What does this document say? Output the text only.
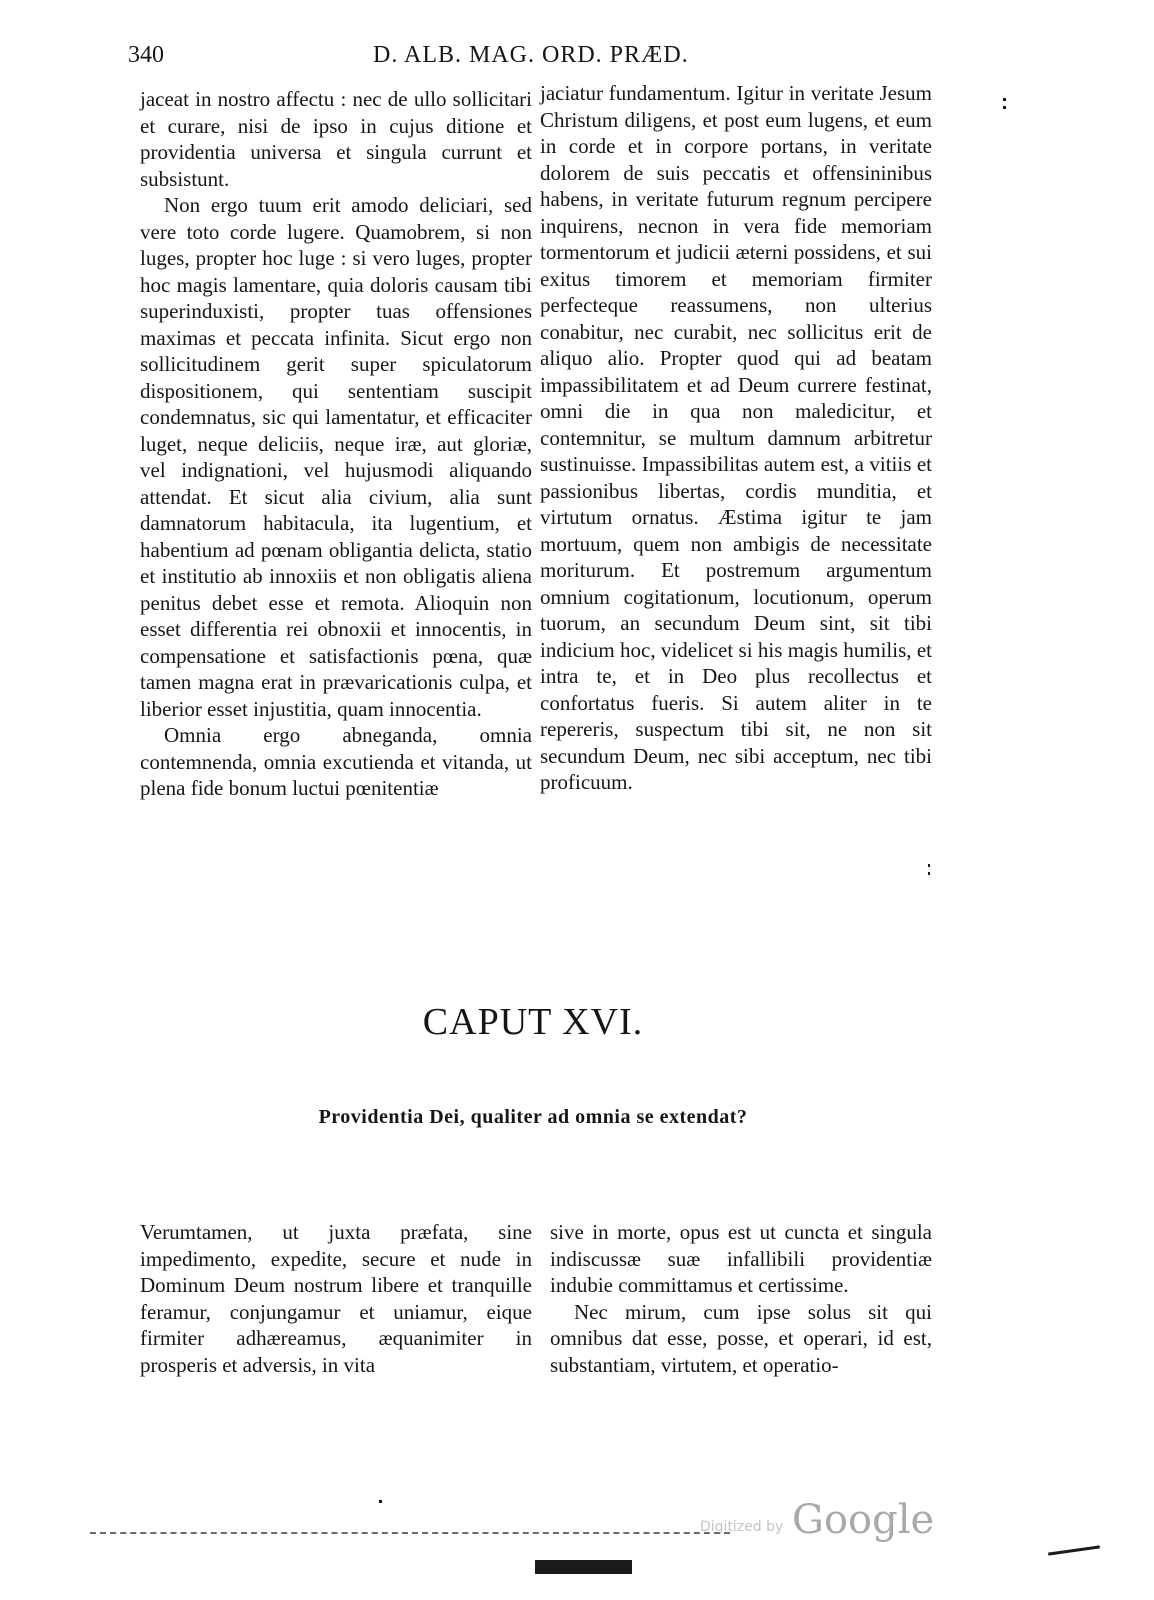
340	D. ALB. MAG. ORD. PRÆD.

jaceat in nostro affectu : nec de ullo sollicitari et curare, nisi de ipso in cujus ditione et providentia universa et singula currunt et subsistunt.

Non ergo tuum erit amodo deliciari, sed vere toto corde lugere. Quamobrem, si non luges, propter hoc luge : si vero luges, propter hoc magis lamentare, quia doloris causam tibi superinduxisti, propter tuas offensiones maximas et peccata infinita. Sicut ergo non sollicitudinem gerit super spiculatorum dispositionem, qui sententiam suscipit condemnatus, sic qui lamentatur, et efficaciter luget, neque deliciis, neque iræ, aut gloriæ, vel indignationi, vel hujusmodi aliquando attendat. Et sicut alia civium, alia sunt damnatorum habitacula, ita lugentium, et habentium ad pœnam obligantia delicta, statio et institutio ab innoxiis et non obligatis aliena penitus debet esse et remota. Alioquin non esset differentia rei obnoxii et innocentis, in compensatione et satisfactionis pœna, quæ tamen magna erat in prævaricationis culpa, et liberior esset injustitia, quam innocentia.

Omnia ergo abneganda, omnia contemnenda, omnia excutienda et vitanda, ut plena fide bonum luctui pœnitentiæ

jaciatur fundamentum. Igitur in veritate Jesum Christum diligens, et post eum lugens, et eum in corde et in corpore portans, in veritate dolorem de suis peccatis et offensininibus habens, in veritate futurum regnum percipere inquirens, necnon in vera fide memoriam tormentorum et judicii æterni possidens, et sui exitus timorem et memoriam firmiter perfecteque reassumens, non ulterius conabitur, nec curabit, nec sollicitus erit de aliquo alio. Propter quod qui ad beatam impassibilitatem et ad Deum currere festinat, omni die in qua non maledicitur, et contemnitur, se multum damnum arbitretur sustinuisse. Impassibilitas autem est, a vitiis et passionibus libertas, cordis munditia, et virtutum ornatus. Æstima igitur te jam mortuum, quem non ambigis de necessitate moriturum. Et postremum argumentum omnium cogitationum, locutionum, operum tuorum, an secundum Deum sint, sit tibi indicium hoc, videlicet si his magis humilis, et intra te, et in Deo plus recollectus et confortatus fueris. Si autem aliter in te repereris, suspectum tibi sit, ne non sit secundum Deum, nec sibi acceptum, nec tibi proficuum.

CAPUT XVI.
Providentia Dei, qualiter ad omnia se extendat?

Verumtamen, ut juxta præfata, sine impedimento, expedite, secure et nude in Dominum Deum nostrum libere et tranquille feramur, conjungamur et uniamur, eique firmiter adhæreamus, æquanimiter in prosperis et adversis, in vita

sive in morte, opus est ut cuncta et singula indiscussæ suæ infallibili providentiæ indubie committamus et certissime.

Nec mirum, cum ipse solus sit qui omnibus dat esse, posse, et operari, id est, substantiam, virtutem, et operatio-

Digitized by Google
